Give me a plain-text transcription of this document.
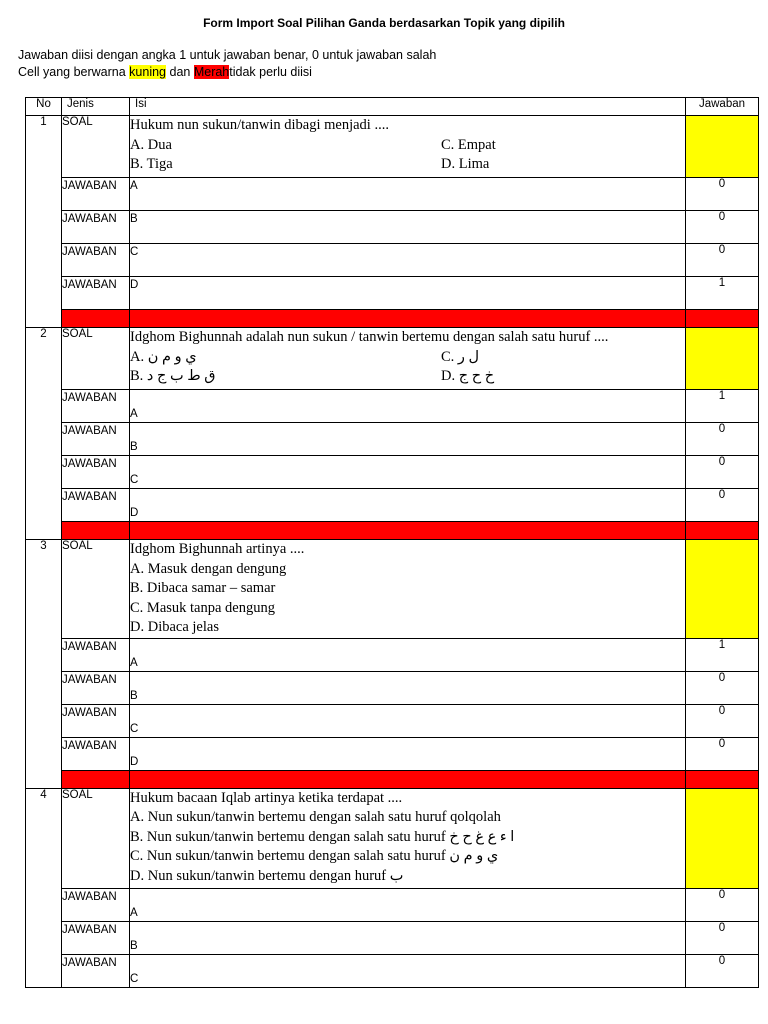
Form Import Soal Pilihan Ganda berdasarkan Topik yang dipilih
Jawaban diisi dengan angka 1 untuk jawaban benar, 0 untuk jawaban salah
Cell yang berwarna kuning dan Merahtidak perlu diisi
No	Jenis	Isi	Jawaban
1	SOAL	Hukum nun sukun/tanwin dibagi menjadi ....
A. Dua C. Empat
B. Tiga D. Lima	

	JAWABAN	A	0
	JAWABAN	B	0
	JAWABAN	C	0
	JAWABAN	D	1

2	SOAL	Idghom Bighunnah adalah nun sukun / tanwin bertemu dengan salah satu huruf ....
A. ي و م ن C. ل ر
B. ق ط ب ج د D. خ ح ج	

	JAWABAN	A	1
	JAWABAN	B	0
	JAWABAN	C	0
	JAWABAN	D	0

3	SOAL	Idghom Bighunnah artinya ....
A. Masuk dengan dengung
B. Dibaca samar – samar
C. Masuk tanpa dengung
D. Dibaca jelas	

	JAWABAN	A	1
	JAWABAN	B	0
	JAWABAN	C	0
	JAWABAN	D	0

4	SOAL	Hukum bacaan Iqlab artinya ketika terdapat ....
A. Nun sukun/tanwin bertemu dengan salah satu huruf qolqolah
B. Nun sukun/tanwin bertemu dengan salah satu huruf ا ء ع غ ح خ
C. Nun sukun/tanwin bertemu dengan salah satu huruf ي و م ن
D. Nun sukun/tanwin bertemu dengan huruf ب	

	JAWABAN	A	0
	JAWABAN	B	0
	JAWABAN	C	0
